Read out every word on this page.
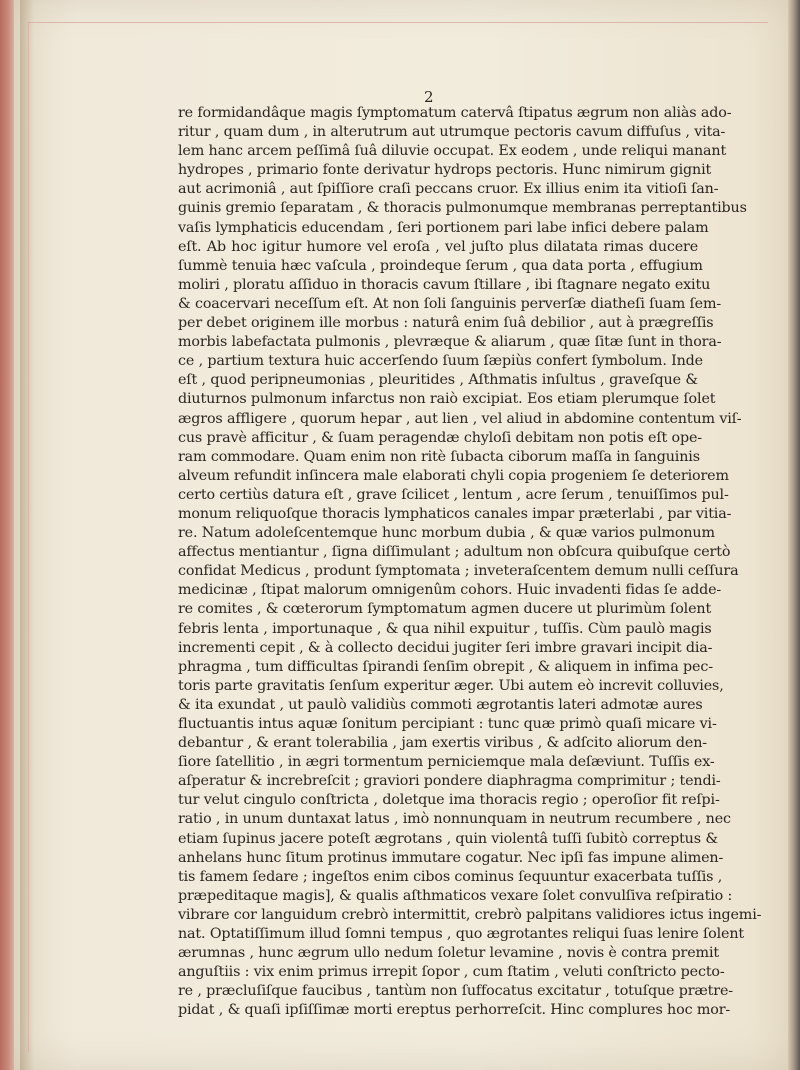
2
re formidandâque magis ſymptomatum catervâ ſtipatus ægrum non aliàs ado-
ritur , quam dum , in alterutrum aut utrumque pectoris cavum diffuſus , vita-
lem hanc arcem peſſimâ ſuâ diluvie occupat. Ex eodem , unde reliqui manant
hydropes , primario fonte derivatur hydrops pectoris. Hunc nimirum gignit
aut acrimoniâ , aut ſpiſſiore craſi peccans cruor. Ex illius enim ita vitioſi ſan-
guinis gremio ſeparatam , & thoracis pulmonumque membranas perreptantibus
vaſis lymphaticis educendam , ſeri portionem pari labe infici debere palam
eſt. Ab hoc igitur humore vel eroſa , vel juſto plus dilatata rimas ducere
ſummè tenuia hæc vaſcula , proindeque ſerum , qua data porta , effugium
moliri , ploratu aſſiduo in thoracis cavum ſtillare , ibi ſtagnare negato exitu
& coacervari neceſſum eſt. At non ſoli ſanguinis perverſæ diatheſi ſuam ſem-
per debet originem ille morbus : naturâ enim ſuâ debilior , aut à prægreſſis
morbis labefactata pulmonis , plevræque & aliarum , quæ ſitæ ſunt in thora-
ce , partium textura huic accerſendo ſuum ſæpiùs confert ſymbolum. Inde
eſt , quod peripneumonias , pleuritides , Aſthmatis inſultus , graveſque &
diuturnos pulmonum infarctus non raiò excipiat. Eos etiam plerumque ſolet
ægros affligere , quorum hepar , aut lien , vel aliud in abdomine contentum viſ-
cus pravè afficitur , & ſuam peragendæ chyloſi debitam non potis eſt ope-
ram commodare. Quam enim non ritè ſubacta ciborum maſſa in ſanguinis
alveum refundit inſincera male elaborati chyli copia progeniem ſe deteriorem
certo certiùs datura eſt , grave ſcilicet , lentum , acre ſerum , tenuiſſimos pul-
monum reliquoſque thoracis lymphaticos canales impar præterlabi , par vitia-
re. Natum adoleſcentemque hunc morbum dubia , & quæ varios pulmonum
affectus mentiantur , ſigna diſſimulant ; adultum non obſcura quibuſque certò
confidat Medicus , produnt ſymptomata ; inveteraſcentem demum nulli ceſſura
medicinæ , ſtipat malorum omnigenûm cohors. Huic invadenti fidas ſe adde-
re comites , & cœterorum ſymptomatum agmen ducere ut plurimùm ſolent
febris lenta , importunaque , & qua nihil expuitur , tuſſis. Cùm paulò magis
incrementi cepit , & à collecto decidui jugiter ſeri imbre gravari incipit dia-
phragma , tum difficultas ſpirandi ſenſim obrepit , & aliquem in infima pec-
toris parte gravitatis ſenſum experitur æger. Ubi autem eò increvit colluvies,
& ita exundat , ut paulò validiùs commoti ægrotantis lateri admotæ aures
fluctuantis intus aquæ ſonitum percipiant : tunc quæ primò quaſi micare vi-
debantur , & erant tolerabilia , jam exertis viribus , & adſcito aliorum den-
ſiore ſatellitio , in ægri tormentum perniciemque mala deſæviunt. Tuſſis ex-
aſperatur & increbreſcit ; graviori pondere diaphragma comprimitur ; tendi-
tur velut cingulo conſtricta , doletque ima thoracis regio ; operoſior fit reſpi-
ratio , in unum duntaxat latus , imò nonnunquam in neutrum recumbere , nec
etiam ſupinus jacere poteſt ægrotans , quin violentâ tuſſi ſubitò correptus &
anhelans hunc ſitum protinus immutare cogatur. Nec ipſi fas impune alimen-
tis famem ſedare ; ingeſtos enim cibos cominus ſequuntur exacerbata tuſſis ,
præpeditaque magis], & qualis aſthmaticos vexare ſolet convulſiva reſpiratio :
vibrare cor languidum crebrò intermittit, crebrò palpitans validiores ictus ingemi-
nat. Optatiſſimum illud ſomni tempus , quo ægrotantes reliqui ſuas lenire ſolent
ærumnas , hunc ægrum ullo nedum ſoletur levamine , novis è contra premit
anguſtiis : vix enim primus irrepit ſopor , cum ſtatim , veluti conſtricto pecto-
re , præcluſiſque faucibus , tantùm non ſuffocatus excitatur , totuſque prætre-
pidat , & quaſi ipſiſſimæ morti ereptus perhorreſcit. Hinc complures hoc mor-
